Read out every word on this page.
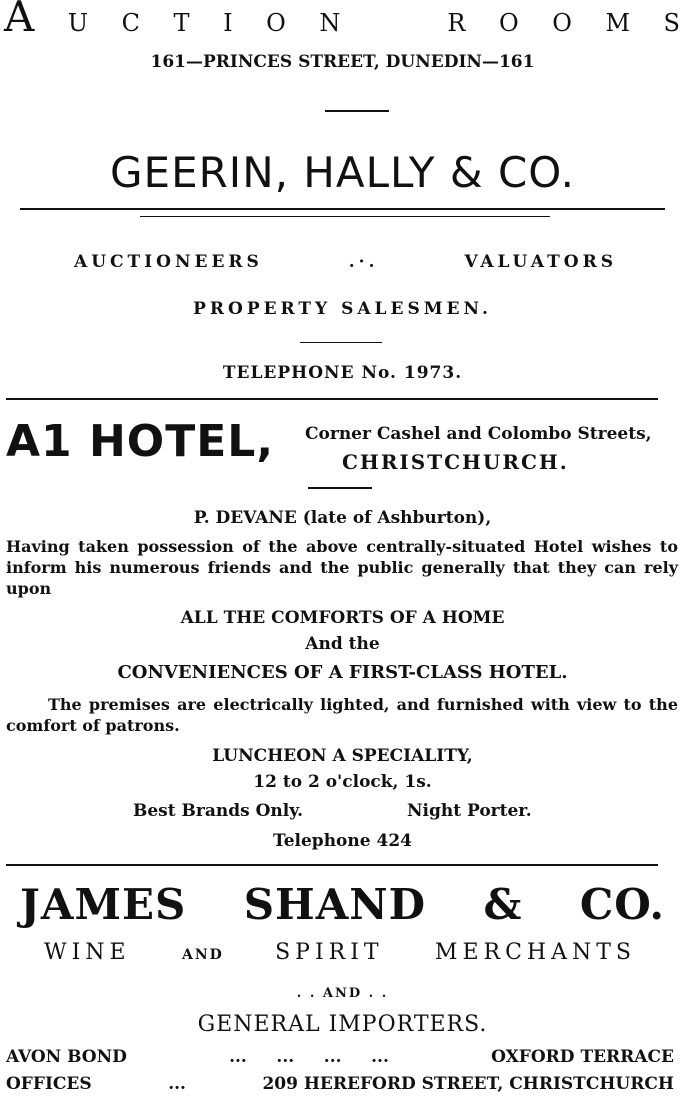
A U C T I O N	R O O M S
161—PRINCES STREET, DUNEDIN—161
GEERIN, HALLY & CO.
AUCTIONEERS	.·.	VALUATORS
PROPERTY SALESMEN.
TELEPHONE No. 1973.
A1 HOTEL, Corner Cashel and Colombo Streets,
CHRISTCHURCH.
P. DEVANE (late of Ashburton),
Having taken possession of the above centrally-situated Hotel wishes to inform his numerous friends and the public generally that they can rely upon
ALL THE COMFORTS OF A HOME
And the
CONVENIENCES OF A FIRST-CLASS HOTEL.
The premises are electrically lighted, and furnished with view to the comfort of patrons.
LUNCHEON A SPECIALITY,
12 to 2 o'clock, 1s.
Best Brands Only.	Night Porter.
Telephone 424
JAMES SHAND & CO.
WINE	AND SPIRIT MERCHANTS
. . AND . .
GENERAL IMPORTERS.
AVON BOND	...     ...     ...     ...	OXFORD TERRACE
OFFICES	...	209 HEREFORD STREET, CHRISTCHURCH
